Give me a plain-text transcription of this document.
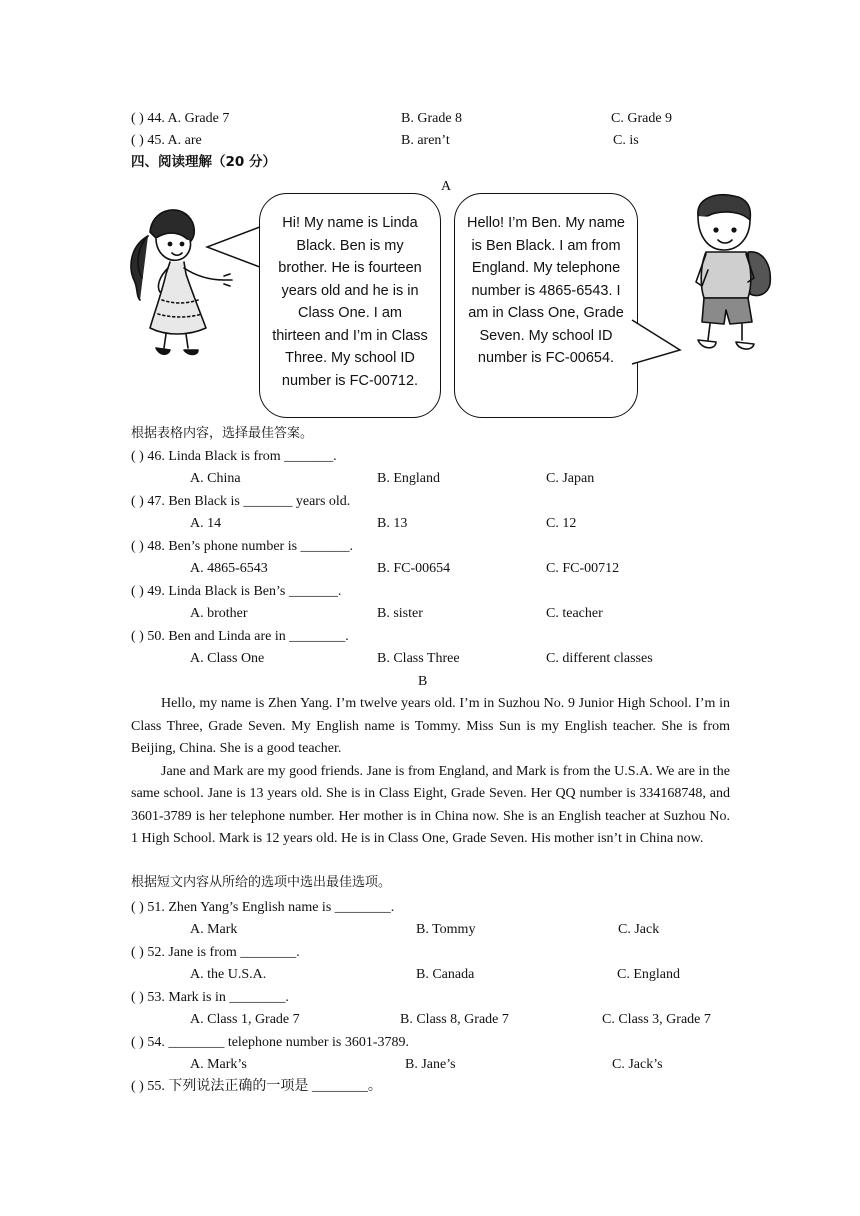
( ) 44. A. Grade 7	B. Grade 8	C. Grade 9
( ) 45. A. are	B. aren’t	C. is
四、阅读理解（20 分）
A
Hi! My name is Linda Black. Ben is my brother. He is fourteen years old and he is in Class One. I am thirteen and I’m in Class Three. My school ID number is FC-00712.
Hello! I’m Ben. My name is Ben Black. I am from England. My telephone number is 4865-6543. I am in Class One, Grade Seven. My school ID number is FC-00654.
根据表格内容，选择最佳答案。
( ) 46. Linda Black is from _______.
A. China	B. England	C. Japan
( ) 47. Ben Black is _______ years old.
A. 14	B. 13	C. 12
( ) 48. Ben’s phone number is _______.
A. 4865-6543	B. FC-00654	C. FC-00712
( ) 49. Linda Black is Ben’s _______.
A. brother	B. sister	C. teacher
( ) 50. Ben and Linda are in ________.
A. Class One	B. Class Three	C. different classes
B

Hello, my name is Zhen Yang. I’m twelve years old. I’m in Suzhou No. 9 Junior High School. I’m in Class Three, Grade Seven. My English name is Tommy. Miss Sun is my English teacher. She is from Beijing, China. She is a good teacher.

Jane and Mark are my good friends. Jane is from England, and Mark is from the U.S.A. We are in the same school. Jane is 13 years old. She is in Class Eight, Grade Seven. Her QQ number is 334168748, and 3601-3789 is her telephone number. Her mother is in China now. She is an English teacher at Suzhou No. 1 High School. Mark is 12 years old. He is in Class One, Grade Seven. His mother isn’t in China now.

根据短文内容从所给的选项中选出最佳选项。
( ) 51. Zhen Yang’s English name is ________.
A. Mark	B. Tommy	C. Jack
( ) 52. Jane is from ________.
A. the U.S.A.	B. Canada	C. England
( ) 53. Mark is in ________.
A. Class 1, Grade 7	B. Class 8, Grade 7	C. Class 3, Grade 7
( ) 54. ________ telephone number is 3601-3789.
A. Mark’s	B. Jane’s	C. Jack’s
( ) 55. 下列说法正确的一项是 ________。
